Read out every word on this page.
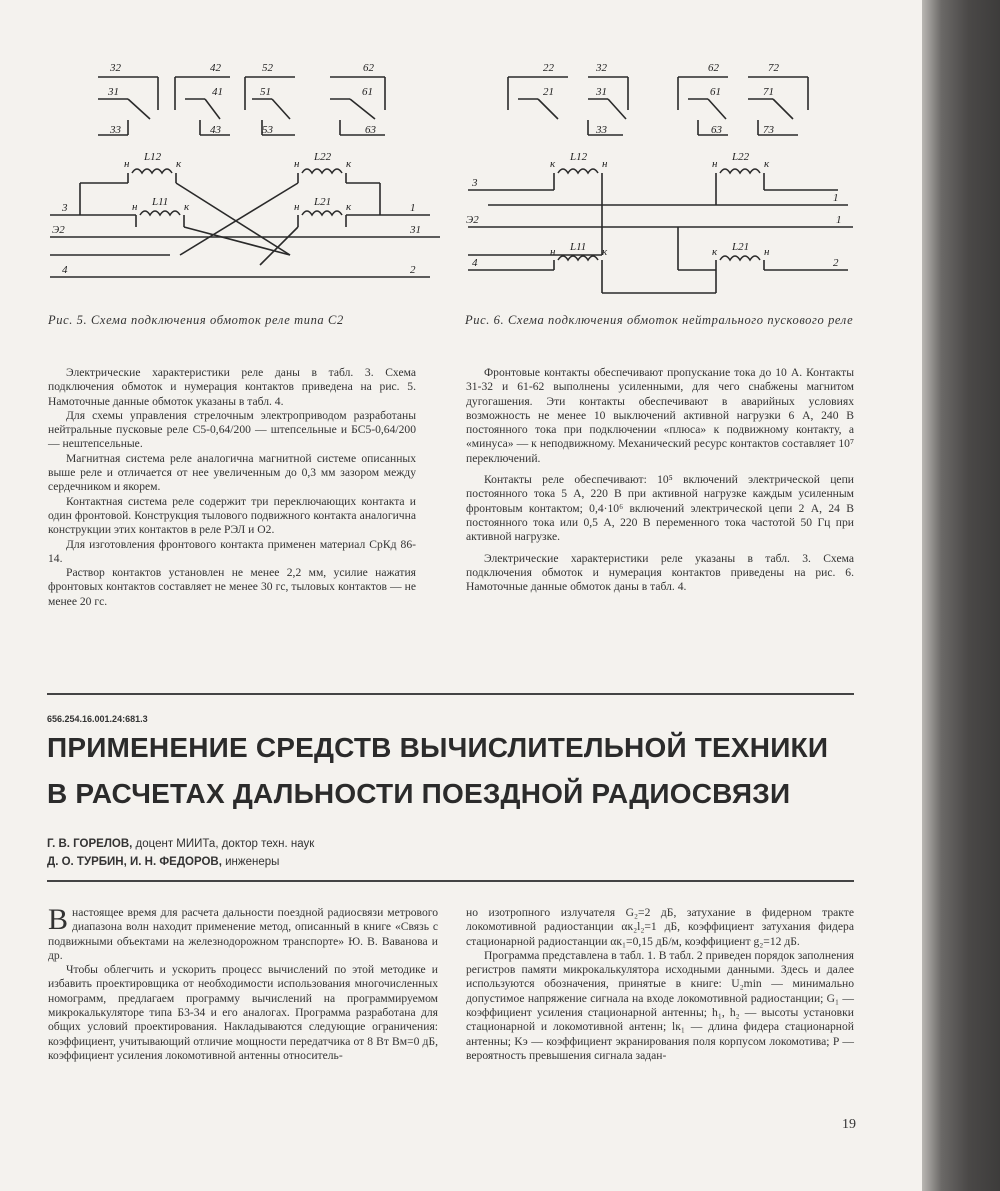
32	42	52	62
31	41	51	61
33	43	53	63
L12
L11
L22
L21
н	к
н	к
н	к
н	к
3
Э2
4
1
31
2
Рис. 5. Схема подключения обмоток реле типа С2
22	32	62	72
21	31	61	71
33	63	73
L12	L22
L11	L21
к	н	н	к
н	к	к	н
3
Э2
4
1
1
2
Рис. 6. Схема подключения обмоток нейтрального пускового реле

Электрические характеристики реле даны в табл. 3. Схема подключения обмоток и нумерация контактов приведена на рис. 5. Намоточные данные обмоток указаны в табл. 4.

Для схемы управления стрелочным электроприводом разработаны нейтральные пусковые реле С5-0,64/200 — штепсельные и БС5-0,64/200 — нештепсельные.

Магнитная система реле аналогична магнитной системе описанных выше реле и отличается от нее увеличенным до 0,3 мм зазором между сердечником и якорем.

Контактная система реле содержит три переключающих контакта и один фронтовой. Конструкция тылового подвижного контакта аналогична конструкции этих контактов в реле РЭЛ и О2.

Для изготовления фронтового контакта применен материал СрКд 86-14.

Раствор контактов установлен не менее 2,2 мм, усилие нажатия фронтовых контактов составляет не менее 30 гс, тыловых контактов — не менее 20 гс.

Фронтовые контакты обеспечивают пропускание тока до 10 А. Контакты 31-32 и 61-62 выполнены усиленными, для чего снабжены магнитом дугогашения. Эти контакты обеспечивают в аварийных условиях возможность не менее 10 выключений активной нагрузки 6 А, 240 В постоянного тока при подключении «плюса» к подвижному контакту, а «минуса» — к неподвижному. Механический ресурс контактов составляет 10⁷ переключений.

Контакты реле обеспечивают: 10⁵ включений электрической цепи постоянного тока 5 А, 220 В при активной нагрузке каждым усиленным фронтовым контактом; 0,4·10⁶ включений электрической цепи 2 А, 24 В постоянного тока или 0,5 А, 220 В переменного тока частотой 50 Гц при активной нагрузке.

Электрические характеристики реле указаны в табл. 3. Схема подключения обмоток и нумерация контактов приведены на рис. 6. Намоточные данные обмоток даны в табл. 4.

656.254.16.001.24:681.3
ПРИМЕНЕНИЕ СРЕДСТВ ВЫЧИСЛИТЕЛЬНОЙ ТЕХНИКИ
В РАСЧЕТАХ ДАЛЬНОСТИ ПОЕЗДНОЙ РАДИОСВЯЗИ
Г. В. ГОРЕЛОВ, доцент МИИТа, доктор техн. наук
Д. О. ТУРБИН, И. Н. ФЕДОРОВ, инженеры

Внастоящее время для расчета дальности поездной радиосвязи метрового диапазона волн находит применение метод, описанный в книге «Связь с подвижными объектами на железнодорожном транспорте» Ю. В. Ваванова и др.

Чтобы облегчить и ускорить процесс вычислений по этой методике и избавить проектировщика от необходимости использования многочисленных номограмм, предлагаем программу вычислений на программируемом микрокалькуляторе типа Б3-34 и его аналогах. Программа разработана для общих условий проектирования. Накладываются следующие ограничения: коэффициент, учитывающий отличие мощности передатчика от 8 Вт Bм=0 дБ, коэффициент усиления локомотивной антенны относитель-

но изотропного излучателя G₂=2 дБ, затухание в фидерном тракте локомотивной радиостанции αк₂l₂=1 дБ, коэффициент затухания фидера стационарной радиостанции αк₁=0,15 дБ/м, коэффициент g₂=12 дБ.

Программа представлена в табл. 1. В табл. 2 приведен порядок заполнения регистров памяти микрокалькулятора исходными данными. Здесь и далее используются обозначения, принятые в книге: U₂min — минимально допустимое напряжение сигнала на входе локомотивной радиостанции; G₁ — коэффициент усиления стационарной антенны; h₁, h₂ — высоты установки стационарной и локомотивной антенн; lк₁ — длина фидера стационарной антенны; Kэ — коэффициент экранирования поля корпусом локомотива; P — вероятность превышения сигнала задан-

19
